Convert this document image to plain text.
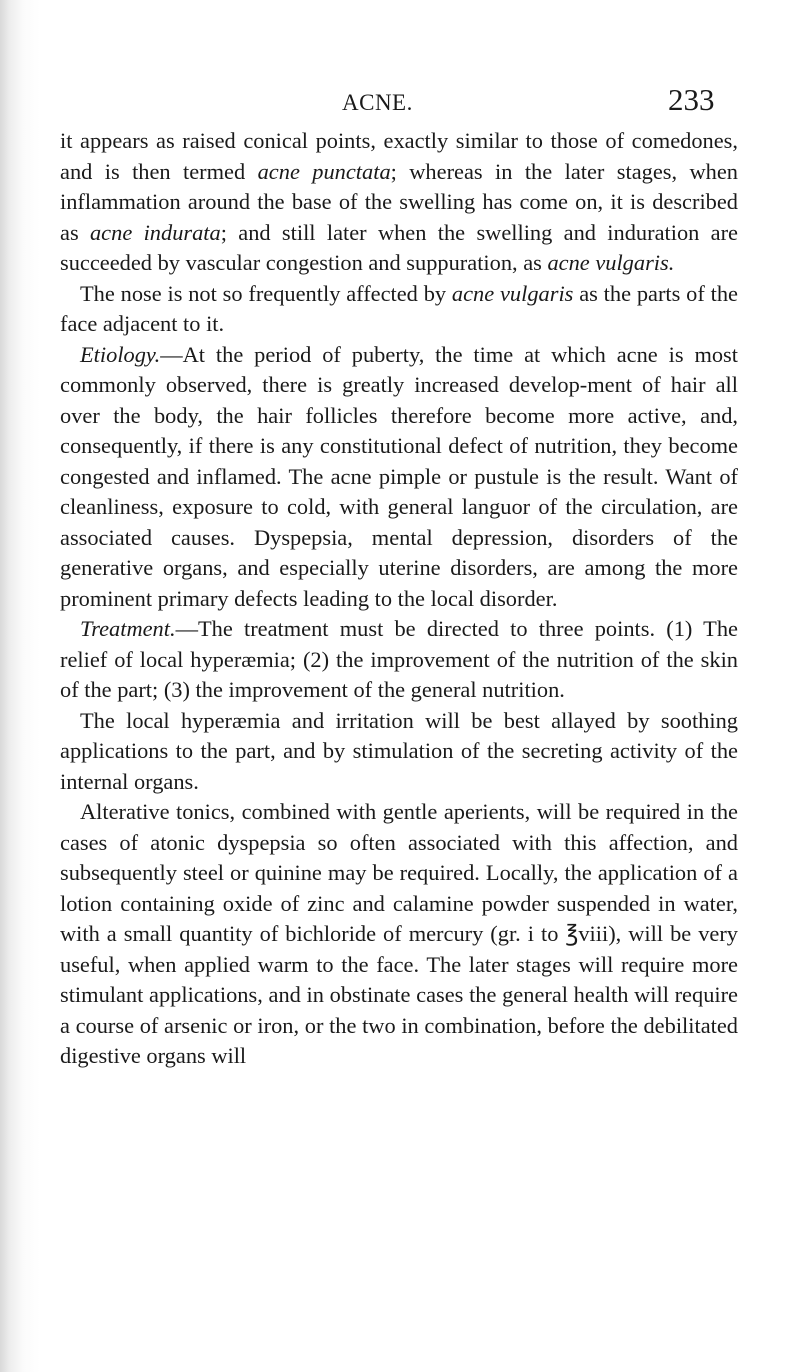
ACNE.	233

it appears as raised conical points, exactly similar to those of comedones, and is then termed acne punctata; whereas in the later stages, when inflammation around the base of the swelling has come on, it is described as acne indurata; and still later when the swelling and induration are succeeded by vascular congestion and suppuration, as acne vulgaris.

The nose is not so frequently affected by acne vulgaris as the parts of the face adjacent to it.

Etiology.—At the period of puberty, the time at which acne is most commonly observed, there is greatly increased develop-ment of hair all over the body, the hair follicles therefore become more active, and, consequently, if there is any constitutional defect of nutrition, they become congested and inflamed. The acne pimple or pustule is the result. Want of cleanliness, exposure to cold, with general languor of the circulation, are associated causes. Dyspepsia, mental depression, disorders of the generative organs, and especially uterine disorders, are among the more prominent primary defects leading to the local disorder.

Treatment.—The treatment must be directed to three points. (1) The relief of local hyperæmia; (2) the improvement of the nutrition of the skin of the part; (3) the improvement of the general nutrition.

The local hyperæmia and irritation will be best allayed by soothing applications to the part, and by stimulation of the secreting activity of the internal organs.

Alterative tonics, combined with gentle aperients, will be required in the cases of atonic dyspepsia so often associated with this affection, and subsequently steel or quinine may be required. Locally, the application of a lotion containing oxide of zinc and calamine powder suspended in water, with a small quantity of bichloride of mercury (gr. i to ℥viii), will be very useful, when applied warm to the face. The later stages will require more stimulant applications, and in obstinate cases the general health will require a course of arsenic or iron, or the two in combination, before the debilitated digestive organs will
